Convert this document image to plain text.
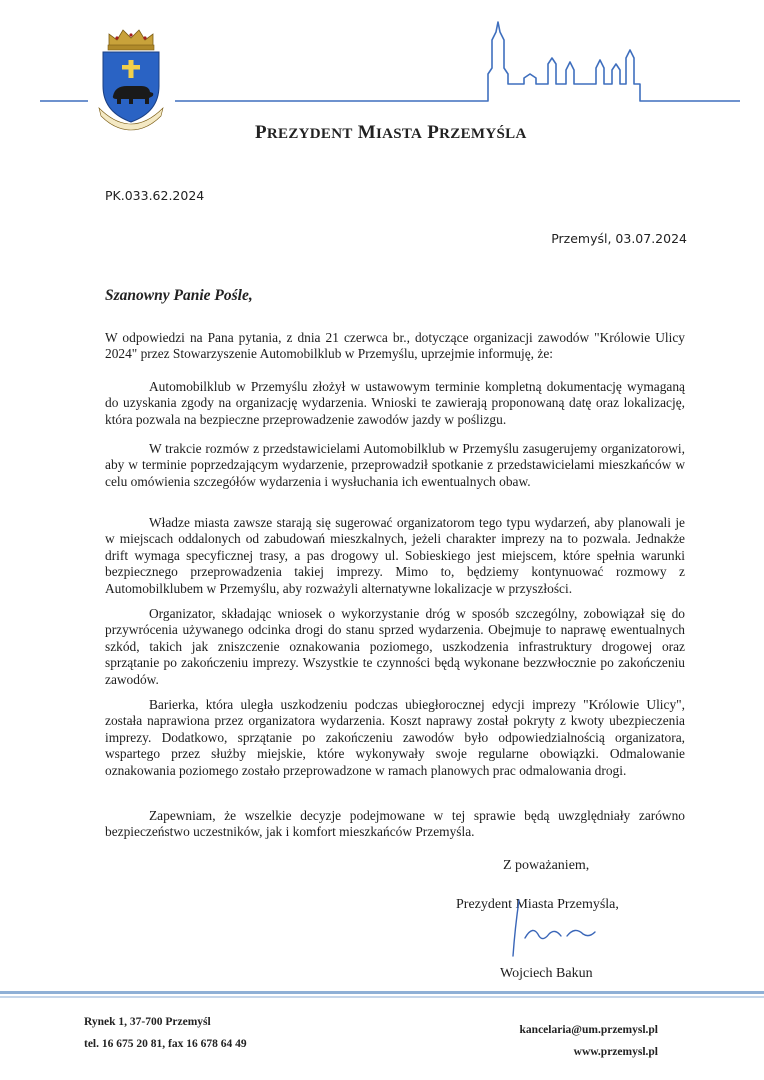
PREZYDENT MIASTA PRZEMYŚLA
PK.033.62.2024
Przemyśl, 03.07.2024
Szanowny Panie Pośle,

W odpowiedzi na Pana pytania, z dnia 21 czerwca br., dotyczące organizacji zawodów "Królowie Ulicy 2024" przez Stowarzyszenie Automobilklub w Przemyślu, uprzejmie informuję, że:

Automobilklub w Przemyślu złożył w ustawowym terminie kompletną dokumentację wymaganą do uzyskania zgody na organizację wydarzenia. Wnioski te zawierają proponowaną datę oraz lokalizację, która pozwala na bezpieczne przeprowadzenie zawodów jazdy w poślizgu.

W trakcie rozmów z przedstawicielami Automobilklub w Przemyślu zasugerujemy organizatorowi, aby w terminie poprzedzającym wydarzenie, przeprowadził spotkanie z przedstawicielami mieszkańców w celu omówienia szczegółów wydarzenia i wysłuchania ich ewentualnych obaw.

Władze miasta zawsze starają się sugerować organizatorom tego typu wydarzeń, aby planowali je w miejscach oddalonych od zabudowań mieszkalnych, jeżeli charakter imprezy na to pozwala. Jednakże drift wymaga specyficznej trasy, a pas drogowy ul. Sobieskiego jest miejscem, które spełnia warunki bezpiecznego przeprowadzenia takiej imprezy. Mimo to, będziemy kontynuować rozmowy z Automobilklubem w Przemyślu, aby rozważyli alternatywne lokalizacje w przyszłości.

Organizator, składając wniosek o wykorzystanie dróg w sposób szczególny, zobowiązał się do przywrócenia używanego odcinka drogi do stanu sprzed wydarzenia. Obejmuje to naprawę ewentualnych szkód, takich jak zniszczenie oznakowania poziomego, uszkodzenia infrastruktury drogowej oraz sprzątanie po zakończeniu imprezy. Wszystkie te czynności będą wykonane bezzwłocznie po zakończeniu zawodów.

Barierka, która uległa uszkodzeniu podczas ubiegłorocznej edycji imprezy "Królowie Ulicy", została naprawiona przez organizatora wydarzenia. Koszt naprawy został pokryty z kwoty ubezpieczenia imprezy. Dodatkowo, sprzątanie po zakończeniu zawodów było odpowiedzialnością organizatora, wspartego przez służby miejskie, które wykonywały swoje regularne obowiązki. Odmalowanie oznakowania poziomego zostało przeprowadzone w ramach planowych prac odmalowania drogi.

Zapewniam, że wszelkie decyzje podejmowane w tej sprawie będą uwzględniały zarówno bezpieczeństwo uczestników, jak i komfort mieszkańców Przemyśla.

Z poważaniem,
Prezydent Miasta Przemyśla,
Wojciech Bakun
Rynek 1, 37-700 Przemyśl
tel. 16 675 20 81, fax 16 678 64 49
kancelaria@um.przemysl.pl
www.przemysl.pl
